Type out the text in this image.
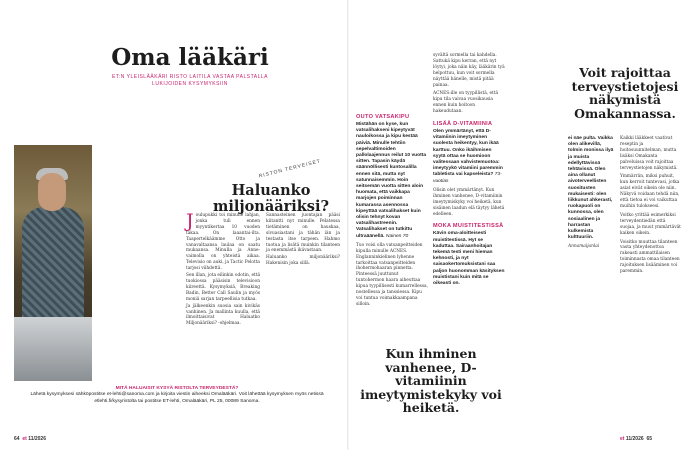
Oma lääkäri
ET:N YLEISLÄÄKÄRI RISTO LAITILA VASTAA PALSTALLA LUKIJOIDEN KYSYMYKSIIN
RISTON TERVEISET
Haluanko miljonääriksi?

Joulupukki toi minulle lahjan, jonka tuli ennen myyntikertaa 10 vuoden takaa. On laaantai-ilta. Taapertelkäämme Otto ja vanavaltaansa laulaa on saatu mukaansa. Minulla ja Anne-vaimolla on yhteistä aikaa. Televisio on auki, ja Tactic Pelotta tarjosi viihdettä.

Sen illan, jota eilinkin odotin, että tuokiossa pääsisin televisioon kiireettä. Kysymyksiä, Breaking Badin, Better Call Saulin ja myös moniä sarjan tarpeellisia tutkaa.

Ja jälkeenkin suosia sain kivikäs vanhinen. Ja mallinta kuulla, että ilmoittaisivat Haluatko Miljonääriksi? -ohjelmaa.

Sannasteinen juontajan pääsi kiitantti nyt minulle. Pelatessa tietäminen on hauskaa, sivuasiastani ja tähän iän ja testasta itse tarpeen. Hahmo tuotua ja lisätä muinkin tilanteen ja enemmästä ikävastaan.

Haluanko miljonääriksi? Hakenisin joka sillä.

MITÄ HALUAISIT KYSYÄ RISTOLTA TERVEYDESTÄ?
Lähetä kysymyksesi sähköpostitse et-lehti@sanoma.com ja kirjoita viestin aiheeksi Omalääkäri. Voit lähettää kysymyksen myös netissä etlehti.fi/kysyristolta tai postitse ET-lehti, Omalääkäri, PL 25, 00089 Sanoma.
64 et 11/2026
OUTO VATSAKIPU
Mistähän on kyse, kun vatsalihakseni kipeytyvät nauloikossa ja kipu kestää päiviä. Minulle tehtiin sepelvaltimoiden pallolaajennus reilut 10 vuotta sitten. Tapasin käydä säännöllisesti kuntosalilla ennen sitä, mutta nyt satunnaisemmin. Hoin seitsemän vuotta sitten aloin huomata, että vaikkapa marjojen poiminnan kumarassa asennossa kipeyttää vatsalihakset kuin olisin tehnyt kovan vatsalihastreenin. Vatsalihakset on tutkittu ultraäänellä. Nainen 70
Tuo voisi olla vatsanpeitteiden kipulla minulle ACNES. Englanninkielinen lyhenne tarkoittaa vatsanpeitteiden ihohermohaaran pinnetta. Pinteessä juuttunut tuntohermon haara aiheuttaa kipua tyypillisesti kumarrellessa, nostellessa ja tanssiessa. Kipu voi tuntua voimakkaampana silloin.
syvältä sormella tai kahdella. Sattukä kipu kerran, että nyt löytyi, joka näin käy, lääkärin tyä helpottuu, kun voit sormella näyttää hänelle, mistä pitää painaa.
ACNES:ille on tyypillistä, että kipu tila vaivaa vuosikausia ennen kuin hoitoon hakeudutaan.
LISÄÄ D-VITAMIINIA
Olen ymmärtänyt, että D-vitamiinin imeytyminen suolesta heikentyy, kun ikää karttuu. Onko ikäihmisen syytä ottaa se huomioon valitessaan vahvistemuotoa: imeytyykö vitamiini paremmin tabletista vai kapseleista? 73-vuotias
Olisin olet ymmärtänyt. Kun ihminen vanhenee, D-vitamiinin imeytymiskyky voi heiketä, kun sisäinen laadun elä täytyy lähetä edelleen.
MOKA MUISTITESTISSÄ
Kävin oma-aloitteisesti muistitestissä. Hyt se kaduttaa. Sairaanhoitajan tekemä testi meni hieman kehnosti, ja nyt saisaokertomuksistani saa paljon huonomman käsityksen muististani kuin mitä se oikeasti on.
Kun ihminen vanhenee, D-vitamiinin imeytymistekyky voi heiketä.
Voit rajoittaa terveystietojesi näkymistä Omakannassa.
ei näe pulta. Vaikka olen alikevillä, tolmin monissa ilyä ja muista edellyttävissä tehtävissä. Olen aina ollanut aivoterveellisten suositusten mukaisesti: olen liikkunut ahkerasti, ruokapuoli on kunnossa, olen sosiaalinen ja harrastan kulkemista kulttuuriin.
Annamaijanlai
Kaikki lääkkeet vaativat reseptin ja hoitosuunnitelman, mutta lisäksi Omakanta palveluissa voit rajoittaa terveystietojen näkymistä.
Ymmärrän, miksi puhuit, kun kerroit tuntevasi, jotka asiat eivät oikein ole niin. Näkyvä voidaan tehdä niin, että tietoa ei voi vaikuttaa muihin tulokseesi.
Voitko yrittää esimerkiksi terveydentiedän että suojaa, ja muut ymmärtävät kaiken oikein.
Voisitko muuttaa tilanteen vasta yhteydenottoa rakeasti ammattilaisen toiminnasta omaa tilanteen rajoituksen lisääminen voi paremmin.
et 11/2026 65
